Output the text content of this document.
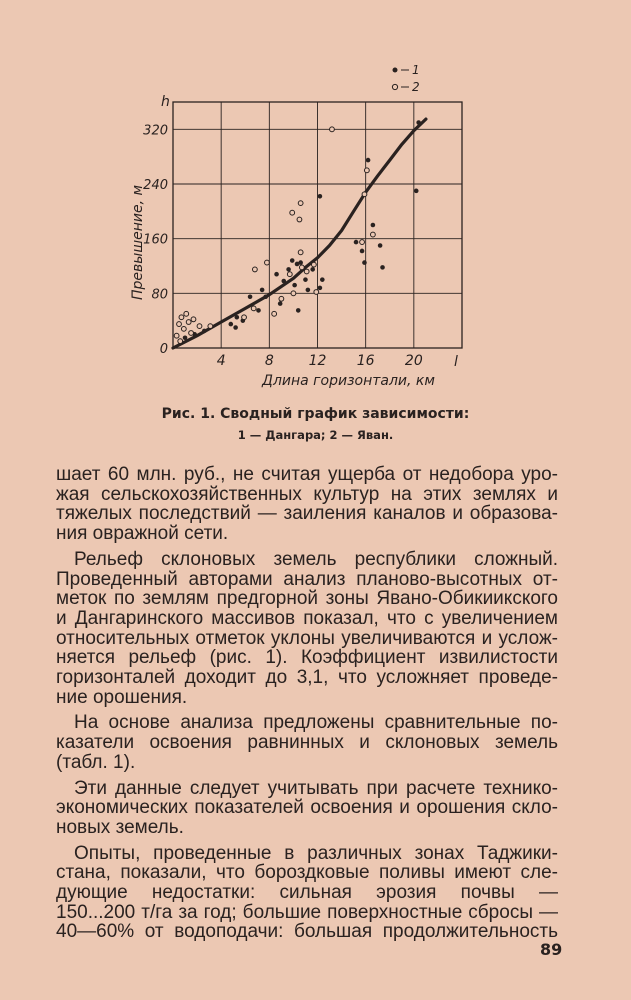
4	8 12 16 20
0
80
160
240
320
1
2
h
l
Превышение, м
Длина горизонтали, км
Рис. 1. Сводный график зависимости:
1 — Дангара; 2 — Яван.

шает 60 млн. руб., не считая ущерба от недобора уро-
жая сельскохозяйственных культур на этих землях и
тяжелых последствий — заиления каналов и образова-
ния овражной сети.

Рельеф склоновых земель республики сложный.
Проведенный авторами анализ планово-высотных от-
меток по землям предгорной зоны Явано-Обикиикского
и Дангаринского массивов показал, что с увеличением
относительных отметок уклоны увеличиваются и услож-
няется рельеф (рис. 1). Коэффициент извилистости
горизонталей доходит до 3,1, что усложняет проведе-
ние орошения.

На основе анализа предложены сравнительные по-
казатели освоения равнинных и склоновых земель
(табл. 1).

Эти данные следует учитывать при расчете технико-
экономических показателей освоения и орошения скло-
новых земель.

Опыты, проведенные в различных зонах Таджики-
стана, показали, что бороздковые поливы имеют сле-
дующие недостатки: сильная эрозия почвы —
150...200 т/га за год; большие поверхностные сбросы —
40—60% от водоподачи: большая продолжительность

89
